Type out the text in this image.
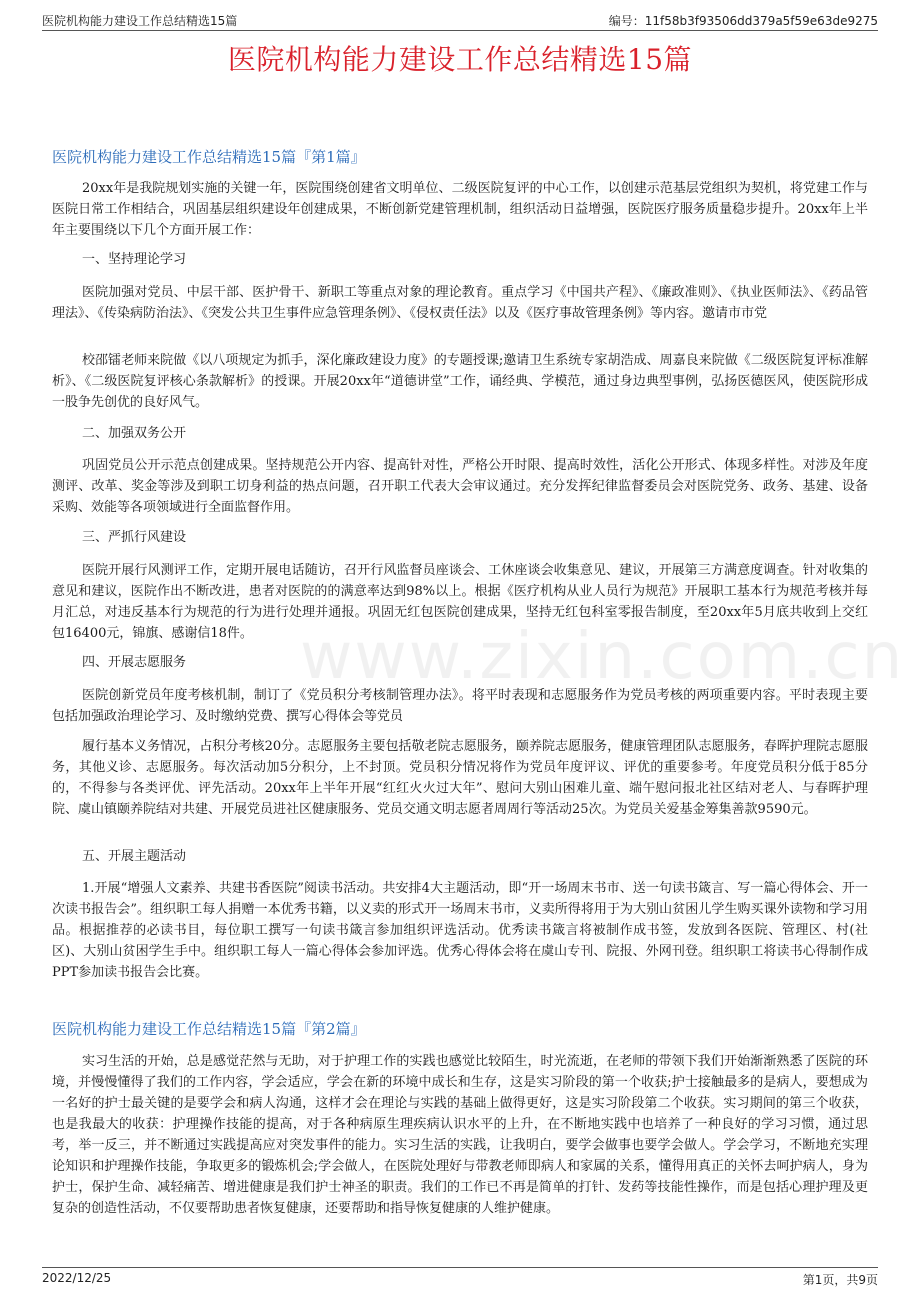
医院机构能力建设工作总结精选15篇	编号：11f58b3f93506dd379a5f59e63de9275
医院机构能力建设工作总结精选15篇
www.zixin.com.cn
医院机构能力建设工作总结精选15篇『第1篇』

20xx年是我院规划实施的关键一年，医院围绕创建省文明单位、二级医院复评的中心工作，以创建示范基层党组织为契机，将党建工作与医院日常工作相结合，巩固基层组织建设年创建成果，不断创新党建管理机制，组织活动日益增强，医院医疗服务质量稳步提升。20xx年上半年主要围绕以下几个方面开展工作：

一、坚持理论学习

医院加强对党员、中层干部、医护骨干、新职工等重点对象的理论教育。重点学习《中国共产程》、《廉政准则》、《执业医师法》、《药品管理法》、《传染病防治法》、《突发公共卫生事件应急管理条例》、《侵权责任法》以及《医疗事故管理条例》等内容。邀请市市党

校邵镭老师来院做《以八项规定为抓手，深化廉政建设力度》的专题授课;邀请卫生系统专家胡浩成、周嘉良来院做《二级医院复评标准解析》、《二级医院复评核心条款解析》的授课。开展20xx年“道德讲堂”工作，诵经典、学模范，通过身边典型事例，弘扬医德医风，使医院形成一股争先创优的良好风气。

二、加强双务公开

巩固党员公开示范点创建成果。坚持规范公开内容、提高针对性，严格公开时限、提高时效性，活化公开形式、体现多样性。对涉及年度测评、改革、奖金等涉及到职工切身利益的热点问题，召开职工代表大会审议通过。充分发挥纪律监督委员会对医院党务、政务、基建、设备采购、效能等各项领域进行全面监督作用。

三、严抓行风建设

医院开展行风测评工作，定期开展电话随访，召开行风监督员座谈会、工休座谈会收集意见、建议，开展第三方满意度调查。针对收集的意见和建议，医院作出不断改进，患者对医院的的满意率达到98%以上。根据《医疗机构从业人员行为规范》开展职工基本行为规范考核并每月汇总，对违反基本行为规范的行为进行处理并通报。巩固无红包医院创建成果，坚持无红包科室零报告制度，至20xx年5月底共收到上交红包16400元，锦旗、感谢信18件。

四、开展志愿服务

医院创新党员年度考核机制，制订了《党员积分考核制管理办法》。将平时表现和志愿服务作为党员考核的两项重要内容。平时表现主要包括加强政治理论学习、及时缴纳党费、撰写心得体会等党员

履行基本义务情况，占积分考核20分。志愿服务主要包括敬老院志愿服务，颐养院志愿服务，健康管理团队志愿服务，春晖护理院志愿服务，其他义诊、志愿服务。每次活动加5分积分，上不封顶。党员积分情况将作为党员年度评议、评优的重要参考。年度党员积分低于85分的，不得参与各类评优、评先活动。20xx年上半年开展“红红火火过大年”、慰问大别山困难儿童、端午慰问报北社区结对老人、与春晖护理院、虞山镇颐养院结对共建、开展党员进社区健康服务、党员交通文明志愿者周周行等活动25次。为党员关爱基金筹集善款9590元。

五、开展主题活动

1.开展“增强人文素养、共建书香医院”阅读书活动。共安排4大主题活动，即“开一场周末书市、送一句读书箴言、写一篇心得体会、开一次读书报告会”。组织职工每人捐赠一本优秀书籍，以义卖的形式开一场周末书市，义卖所得将用于为大别山贫困儿学生购买课外读物和学习用品。根据推荐的必读书目，每位职工撰写一句读书箴言参加组织评选活动。优秀读书箴言将被制作成书签，发放到各医院、管理区、村(社区)、大别山贫困学生手中。组织职工每人一篇心得体会参加评选。优秀心得体会将在虞山专刊、院报、外网刊登。组织职工将读书心得制作成PPT参加读书报告会比赛。

医院机构能力建设工作总结精选15篇『第2篇』

实习生活的开始，总是感觉茫然与无助，对于护理工作的实践也感觉比较陌生，时光流逝，在老师的带领下我们开始渐渐熟悉了医院的环境，并慢慢懂得了我们的工作内容，学会适应，学会在新的环境中成长和生存，这是实习阶段的第一个收获;护士接触最多的是病人，要想成为一名好的护士最关键的是要学会和病人沟通，这样才会在理论与实践的基础上做得更好，这是实习阶段第二个收获。实习期间的第三个收获，也是我最大的收获：护理操作技能的提高，对于各种病原生理疾病认识水平的上升，在不断地实践中也培养了一种良好的学习习惯，通过思考，举一反三，并不断通过实践提高应对突发事件的能力。实习生活的实践，让我明白，要学会做事也要学会做人。学会学习，不断地充实理论知识和护理操作技能，争取更多的锻炼机会;学会做人，在医院处理好与带教老师即病人和家属的关系，懂得用真正的关怀去呵护病人，身为护士，保护生命、减轻痛苦、增进健康是我们护士神圣的职责。我们的工作已不再是简单的打针、发药等技能性操作，而是包括心理护理及更复杂的创造性活动，不仅要帮助患者恢复健康，还要帮助和指导恢复健康的人维护健康。

2022/12/25	第1页，共9页
